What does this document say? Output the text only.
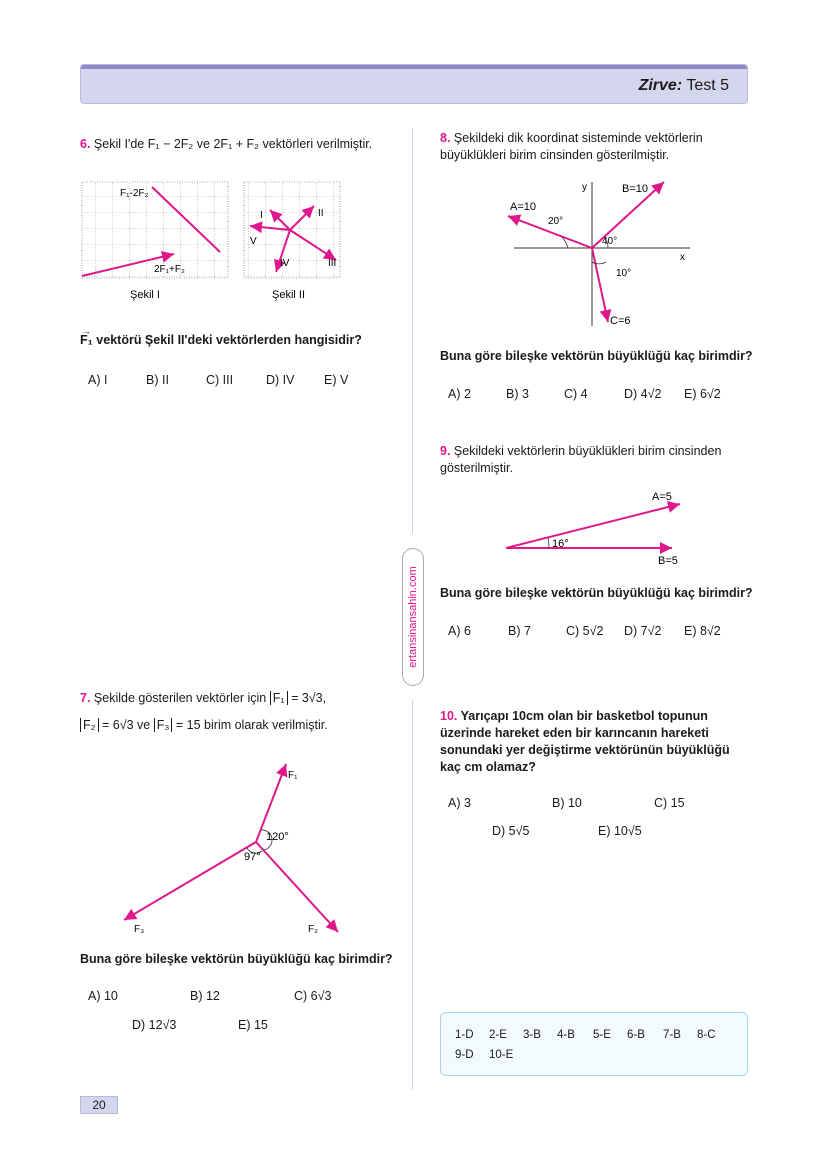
Zirve: Test 5
ertansinansahin.com
6. Şekil I'de F₁ − 2F₂ ve 2F₁ + F₂ vektörleri verilmiştir.
F₁-2F₂
2F₁+F₂
Şekil I
I	II
III
IV
V
Şekil II
→ F₁ vektörü Şekil II'deki vektörlerden hangisidir?
A) I	B) II	C) III	D) IV E) V
7. Şekilde gösterilen vektörler için F₁ = 3√3,
F₂ = 6√3 ve F₃ = 15 birim olarak verilmiştir.
120°
97°
F₁
F₂
F₃
Buna göre bileşke vektörün büyüklüğü kaç birimdir?
A) 10	B) 12	C) 6√3
D) 12√3	E) 15
8. Şekildeki dik koordinat sisteminde vektörlerin büyüklükleri birim cinsinden gösterilmiştir.
x
y
A=10
B=10
C=6
20°
40°
10°
Buna göre bileşke vektörün büyüklüğü kaç birimdir?
A) 2	B) 3	C) 4	D) 4√2 E) 6√2
9. Şekildeki vektörlerin büyüklükleri birim cinsinden gösterilmiştir.
16°
A=5
B=5
Buna göre bileşke vektörün büyüklüğü kaç birimdir?
A) 6	B) 7	C) 5√2 D) 7√2 E) 8√2
10. Yarıçapı 10cm olan bir basketbol topunun üzerinde hareket eden bir karıncanın hareketi sonundaki yer değiştirme vektörünün büyüklüğü kaç cm olamaz?
A) 3	B) 10	C) 15
D) 5√5	E) 10√5
1-D 2-E 3-B 4-B 5-E 6-B 7-B 8-C
9-D 10-E
20
